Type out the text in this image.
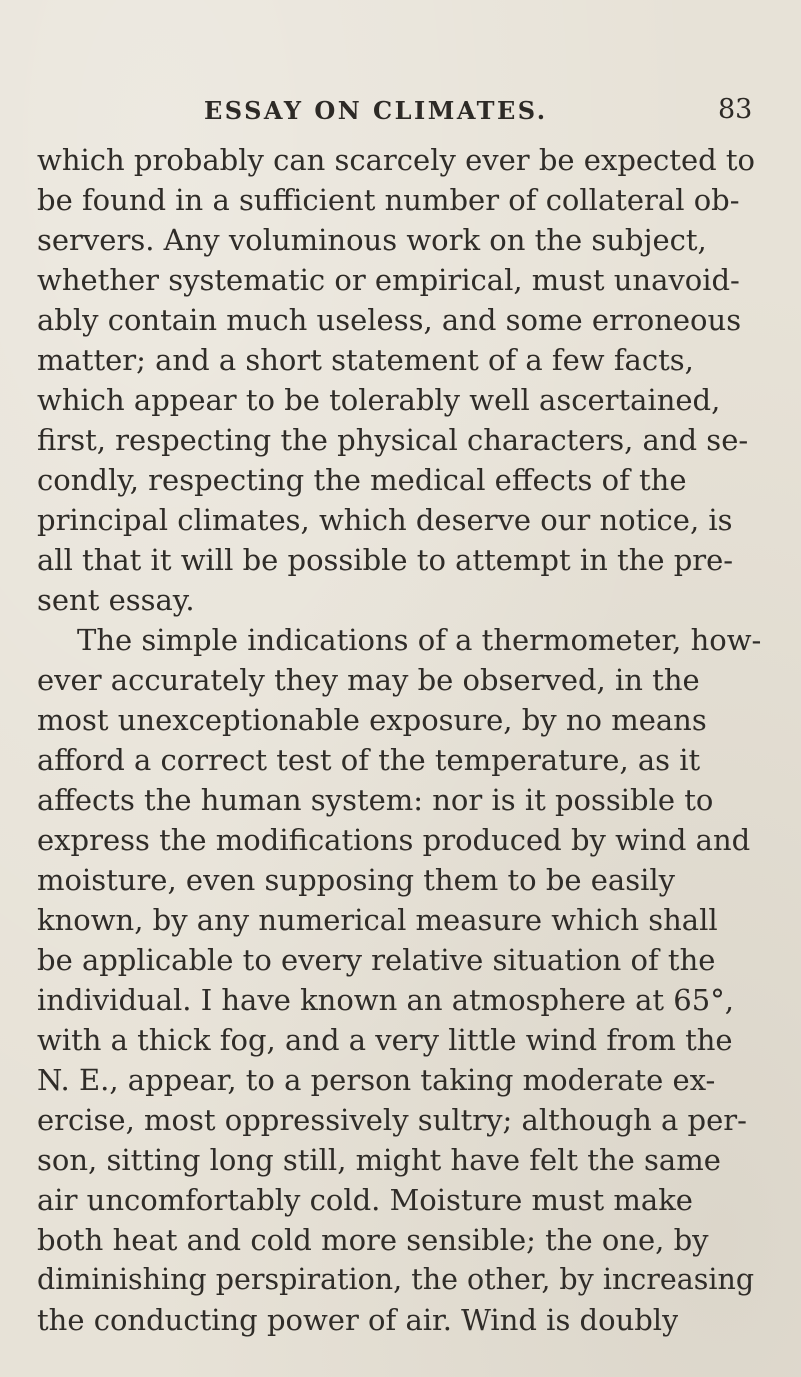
ESSAY ON CLIMATES.	83
which probably can scarcely ever be expected to
be found in a sufficient number of collateral ob-
servers. Any voluminous work on the subject,
whether systematic or empirical, must unavoid-
ably contain much useless, and some erroneous
matter; and a short statement of a few facts,
which appear to be tolerably well ascertained,
first, respecting the physical characters, and se-
condly, respecting the medical effects of the
principal climates, which deserve our notice, is
all that it will be possible to attempt in the pre-
sent essay.
The simple indications of a thermometer, how-
ever accurately they may be observed, in the
most unexceptionable exposure, by no means
afford a correct test of the temperature, as it
affects the human system: nor is it possible to
express the modifications produced by wind and
moisture, even supposing them to be easily
known, by any numerical measure which shall
be applicable to every relative situation of the
individual. I have known an atmosphere at 65°,
with a thick fog, and a very little wind from the
N. E., appear, to a person taking moderate ex-
ercise, most oppressively sultry; although a per-
son, sitting long still, might have felt the same
air uncomfortably cold. Moisture must make
both heat and cold more sensible; the one, by
diminishing perspiration, the other, by increasing
the conducting power of air. Wind is doubly
